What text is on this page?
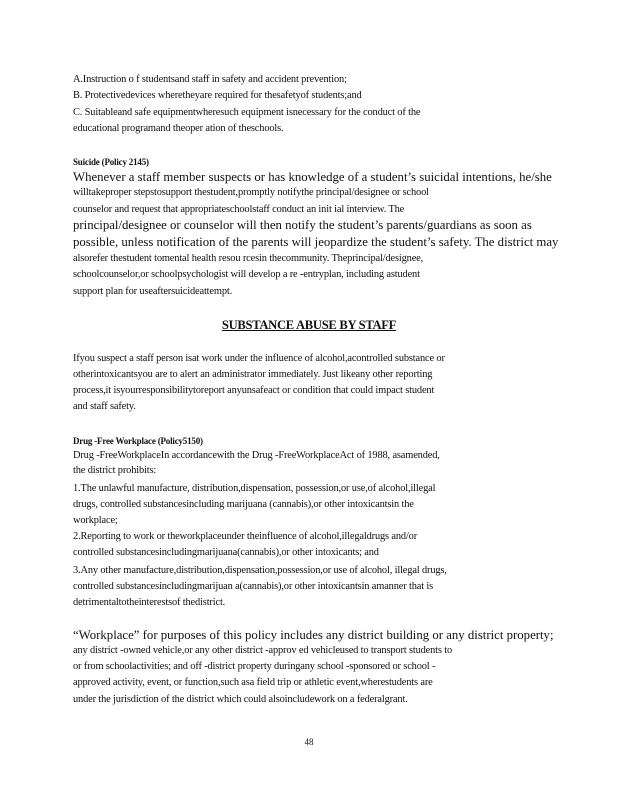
A.Instruction o f studentsand staff in safety and accident prevention;
B. Protectivedevices wheretheyare required for thesafetyof students;and
C. Suitableand safe equipmentwheresuch equipment isnecessary for the conduct of the
educational programand theoper ation of theschools.
Suicide (Policy 2145)
Whenever a staff member suspects or has knowledge of a student’s suicidal intentions, he/she
willtakeproper stepstosupport thestudent,promptly notifythe principal/designee or school
counselor and request that appropriateschoolstaff conduct an init ial interview. The
principal/designee or counselor will then notify the student’s parents/guardians as soon as
possible, unless notification of the parents will jeopardize the student’s safety. The district may
alsorefer thestudent tomental health resou rcesin thecommunity. Theprincipal/designee,
schoolcounselor,or schoolpsychologist will develop a re -entryplan, including astudent
support plan for useaftersuicideattempt.
SUBSTANCE ABUSE BY STAFF
Ifyou suspect a staff person isat work under the influence of alcohol,acontrolled substance or
otherintoxicantsyou are to alert an administrator immediately. Just likeany other reporting
process,it isyourresponsibilitytoreport anyunsafeact or condition that could impact student
and staff safety.
Drug -Free Workplace (Policy5150)
Drug -FreeWorkplaceIn accordancewith the Drug -FreeWorkplaceAct of 1988, asamended,
the district prohibits:
1.The unlawful manufacture, distribution,dispensation, possession,or use,of alcohol,illegal
drugs, controlled substancesincluding marijuana (cannabis),or other intoxicantsin the
workplace;
2.Reporting to work or theworkplaceunder theinfluence of alcohol,illegaldrugs and/or
controlled substancesincludingmarijuana(cannabis),or other intoxicants; and
3.Any other manufacture,distribution,dispensation,possession,or use of alcohol, illegal drugs,
controlled substancesincludingmarijuan a(cannabis),or other intoxicantsin amanner that is
detrimentaltotheinterestsof thedistrict.
“Workplace” for purposes of this policy includes any district building or any district property;
any district -owned vehicle,or any other district -approv ed vehicleused to transport students to
or from schoolactivities; and off -district property duringany school -sponsored or school -
approved activity, event, or function,such asa field trip or athletic event,wherestudents are
under the jurisdiction of the district which could alsoincludework on a federalgrant.
48
